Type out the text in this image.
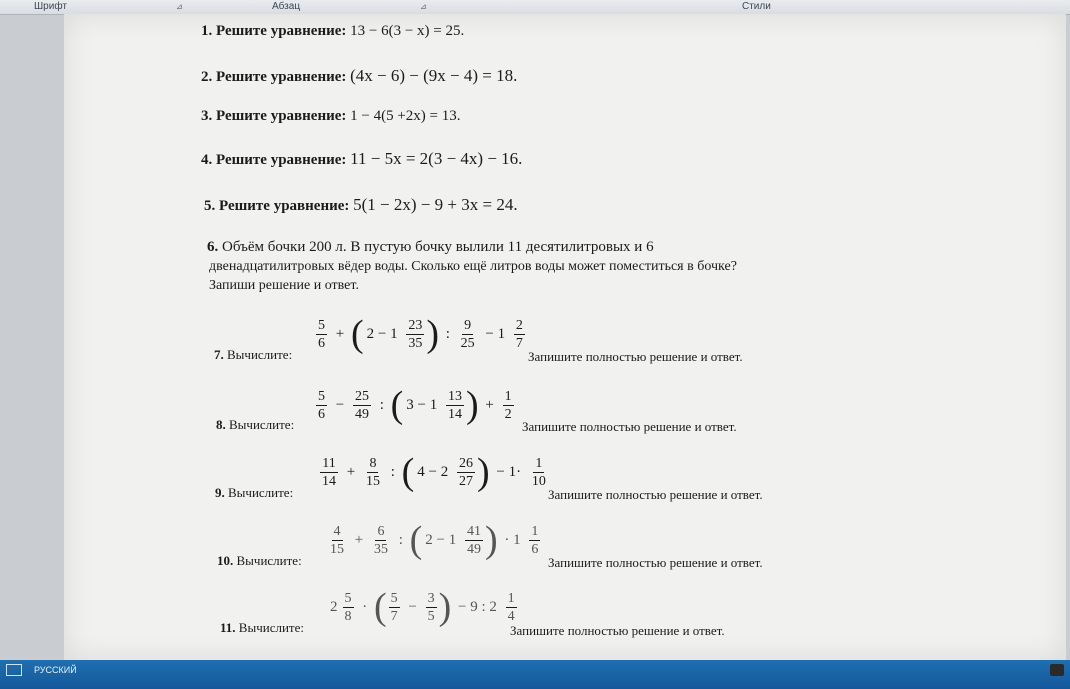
Шрифт	⊿	Абзац	⊿	Стили
1. Решите уравнение: 13 − 6(3 − x) = 25.
2. Решите уравнение: (4x − 6) − (9x − 4) = 18.
3. Решите уравнение: 1 − 4(5 +2x) = 13.
4. Решите уравнение: 11 − 5x = 2(3 − 4x) − 16.
5. Решите уравнение: 5(1 − 2x) − 9 + 3x = 24.
6. Объём бочки 200 л. В пустую бочку вылили 11 десятилитровых и 6
двенадцатилитровых вёдер воды. Сколько ещё литров воды может поместиться в бочке?
Запиши решение и ответ.
7. Вычислите:
$\frac{5}{6}$ + ( $2 - 1 \frac{23}{35}$ ) : $\frac{9}{25} - 1 \frac{2}{7}$
Запишите полностью решение и ответ.
8. Вычислите:
$\frac{5}{6} - \frac{25}{49}$ : ( $3 - 1 \frac{13}{14}$ ) + $\frac{1}{2}$
Запишите полностью решение и ответ.
9. Вычислите:
$\frac{11}{14} + \frac{8}{15}$ : ( $4 - 2 \frac{26}{27}$ ) − $1\cdot \frac{1}{10}$
Запишите полностью решение и ответ.
10. Вычислите:
$\frac{4}{15} + \frac{6}{35}$ : ( $2 - 1 \frac{41}{49}$ ) · $1 \frac{1}{6}$
Запишите полностью решение и ответ.
11. Вычислите:
$2 \frac{5}{8}$ · ( $\frac{5}{7} - \frac{3}{5}$ ) − 9 : $2 \frac{1}{4}$
Запишите полностью решение и ответ.
РУССКИЙ
